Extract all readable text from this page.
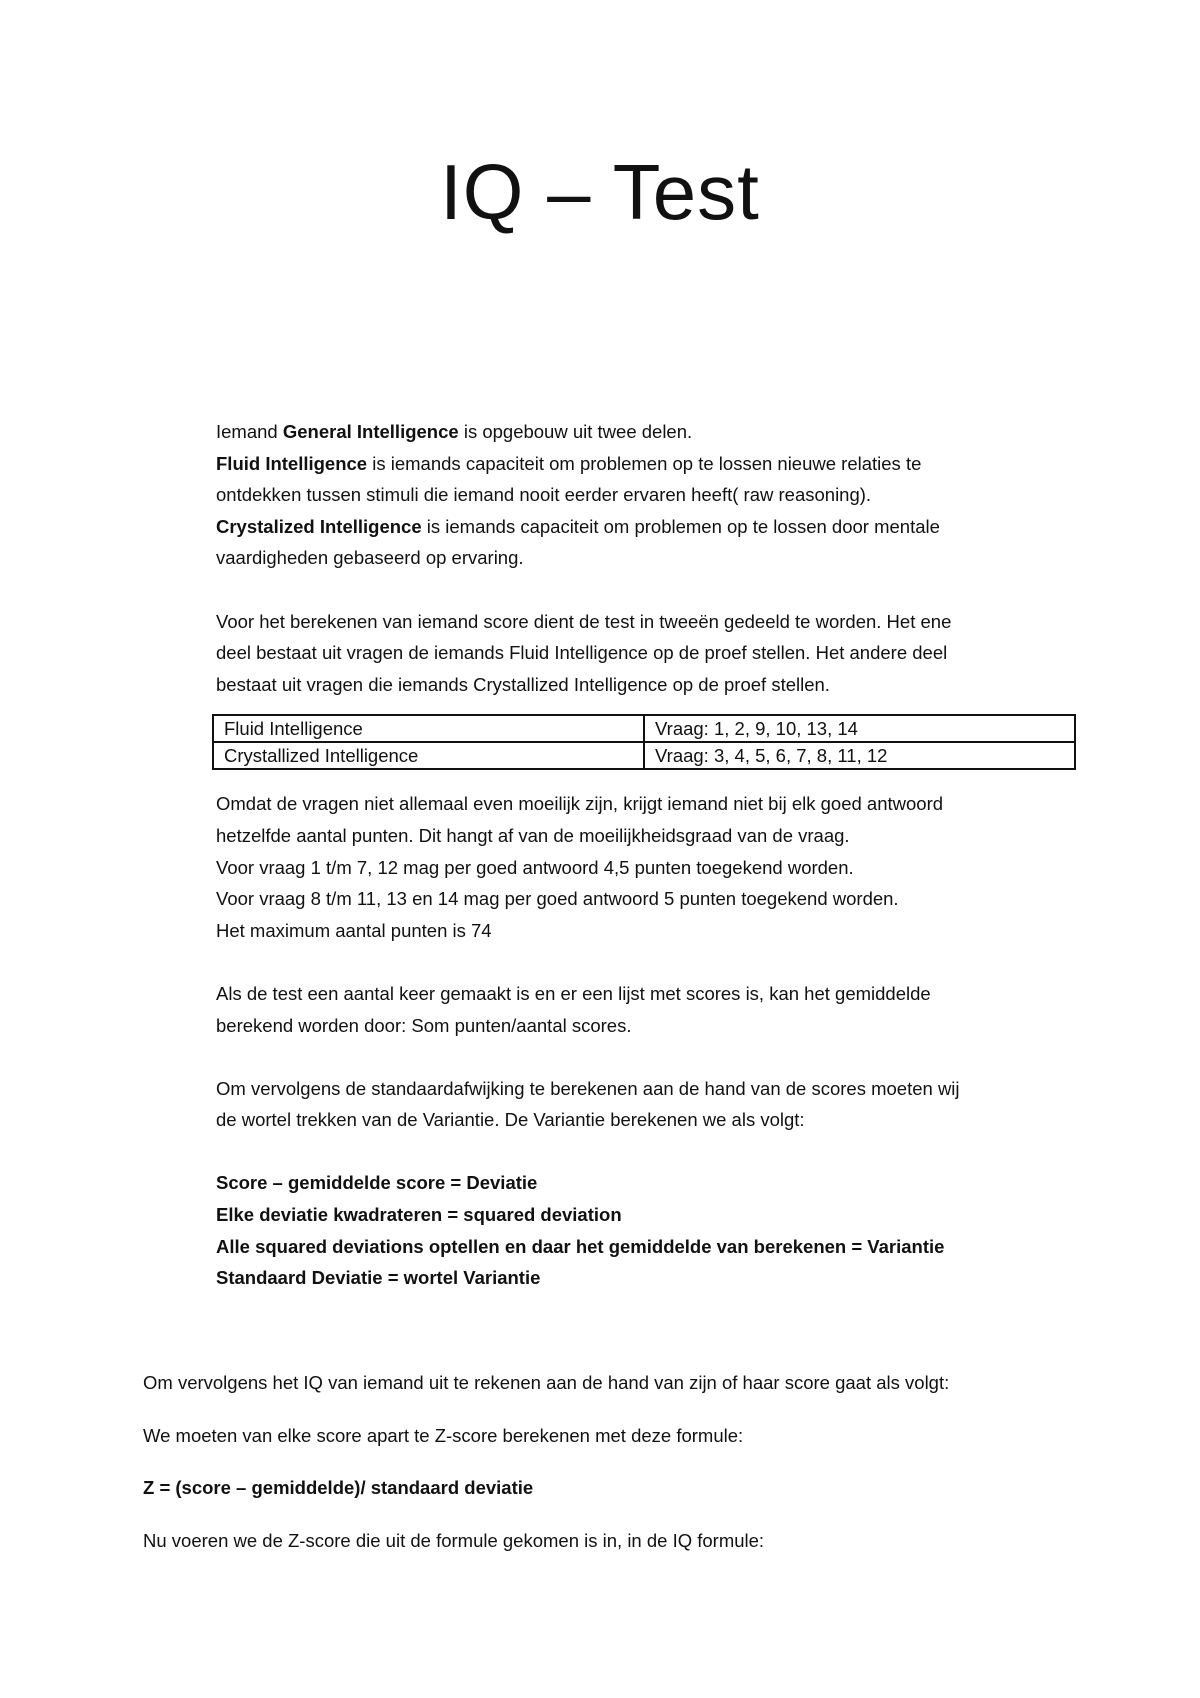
IQ – Test

Iemand General Intelligence is opgebouw uit twee delen.

Fluid Intelligence is iemands capaciteit om problemen op te lossen nieuwe relaties te

ontdekken tussen stimuli die iemand nooit eerder ervaren heeft( raw reasoning).

Crystalized Intelligence is iemands capaciteit om problemen op te lossen door mentale

vaardigheden gebaseerd op ervaring.

Voor het berekenen van iemand score dient de test in tweeën gedeeld te worden. Het ene

deel bestaat uit vragen de iemands Fluid Intelligence op de proef stellen. Het andere deel

bestaat uit vragen die iemands Crystallized Intelligence op de proef stellen.

Fluid Intelligence	Vraag: 1, 2, 9, 10, 13, 14
Crystallized Intelligence	Vraag: 3, 4, 5, 6, 7, 8, 11, 12

Omdat de vragen niet allemaal even moeilijk zijn, krijgt iemand niet bij elk goed antwoord

hetzelfde aantal punten. Dit hangt af van de moeilijkheidsgraad van de vraag.

Voor vraag 1 t/m 7, 12 mag per goed antwoord 4,5 punten toegekend worden.

Voor vraag 8 t/m 11, 13 en 14 mag per goed antwoord 5 punten toegekend worden.

Het maximum aantal punten is 74

Als de test een aantal keer gemaakt is en er een lijst met scores is, kan het gemiddelde

berekend worden door: Som punten/aantal scores.

Om vervolgens de standaardafwijking te berekenen aan de hand van de scores moeten wij

de wortel trekken van de Variantie. De Variantie berekenen we als volgt:

Score – gemiddelde score = Deviatie

Elke deviatie kwadrateren = squared deviation

Alle squared deviations optellen en daar het gemiddelde van berekenen = Variantie

Standaard Deviatie = wortel Variantie

Om vervolgens het IQ van iemand uit te rekenen aan de hand van zijn of haar score gaat als volgt:

We moeten van elke score apart te Z-score berekenen met deze formule:

Z = (score – gemiddelde)/ standaard deviatie

Nu voeren we de Z-score die uit de formule gekomen is in, in de IQ formule:
